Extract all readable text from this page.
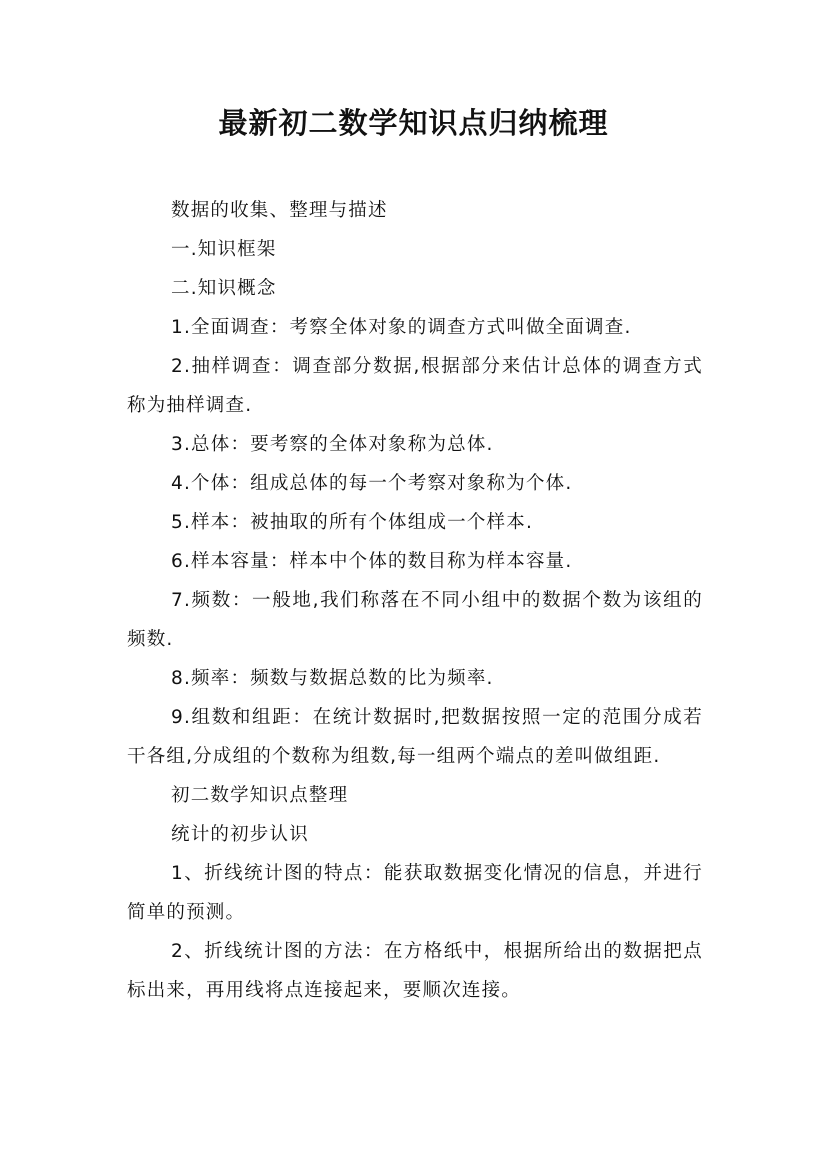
最新初二数学知识点归纳梳理

数据的收集、整理与描述

一.知识框架

二.知识概念

1.全面调查：考察全体对象的调查方式叫做全面调查.

2.抽样调查：调查部分数据,根据部分来估计总体的调查方式称为抽样调查.

3.总体：要考察的全体对象称为总体.

4.个体：组成总体的每一个考察对象称为个体.

5.样本：被抽取的所有个体组成一个样本.

6.样本容量：样本中个体的数目称为样本容量.

7.频数：一般地,我们称落在不同小组中的数据个数为该组的频数.

8.频率：频数与数据总数的比为频率.

9.组数和组距：在统计数据时,把数据按照一定的范围分成若干各组,分成组的个数称为组数,每一组两个端点的差叫做组距.

初二数学知识点整理

统计的初步认识

1、折线统计图的特点：能获取数据变化情况的信息，并进行简单的预测。

2、折线统计图的方法：在方格纸中，根据所给出的数据把点标出来，再用线将点连接起来，要顺次连接。
